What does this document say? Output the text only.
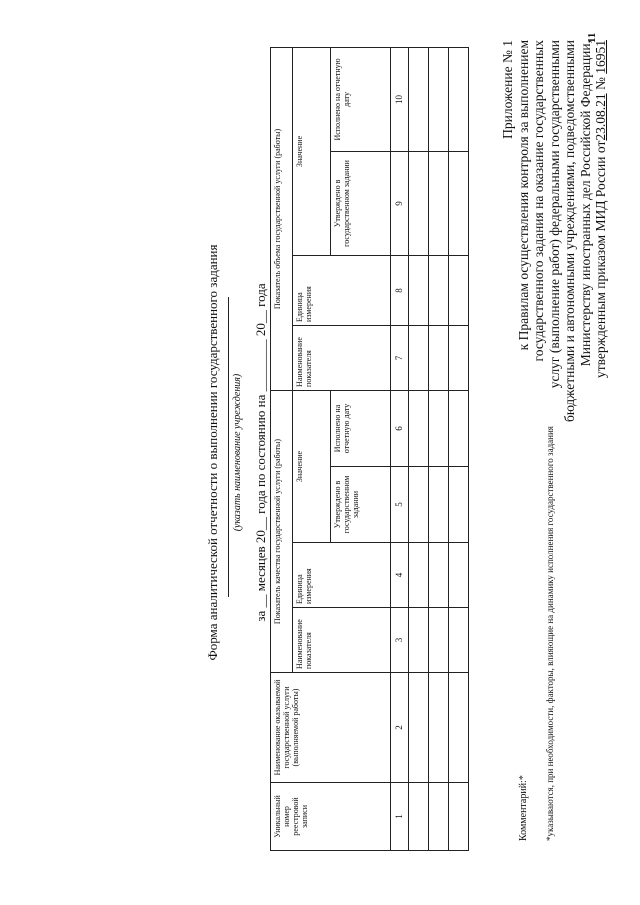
11
Приложение № 1 к Правилам осуществления контроля за выполнением государственного задания на оказание государственных услуг (выполнение работ) федеральными государственными бюджетными и автономными учреждениями, подведомственными Министерству иностранных дел Российской Федерации, утвержденным приказом МИД России от23.08.21 № 16951
Форма аналитической отчетности о выполнении государственного задания (указать наименование учреждения) за __ месяцев 20__ года по состоянию на ________ 20__ года
Уникальный номер реестровой записи	Наименование оказываемой государственной услуги (выполняемой работы)	Показатель качества государственной услуги (работы)				Показатель объема государственной услуги (работы)			
		Наименование показателя	Единица измерения	Значение		Наименование показателя	Единица измерения	Значение	
				Утверждено в государственном задании	Исполнено на отчетную дату			Утверждено в государственном задании	Исполнено на отчетную дату
1	2	3	4	5	6	7	8	9	10

Комментарий:* *указываются, при необходимости, факторы, влияющие на динамику исполнения государственного задания
